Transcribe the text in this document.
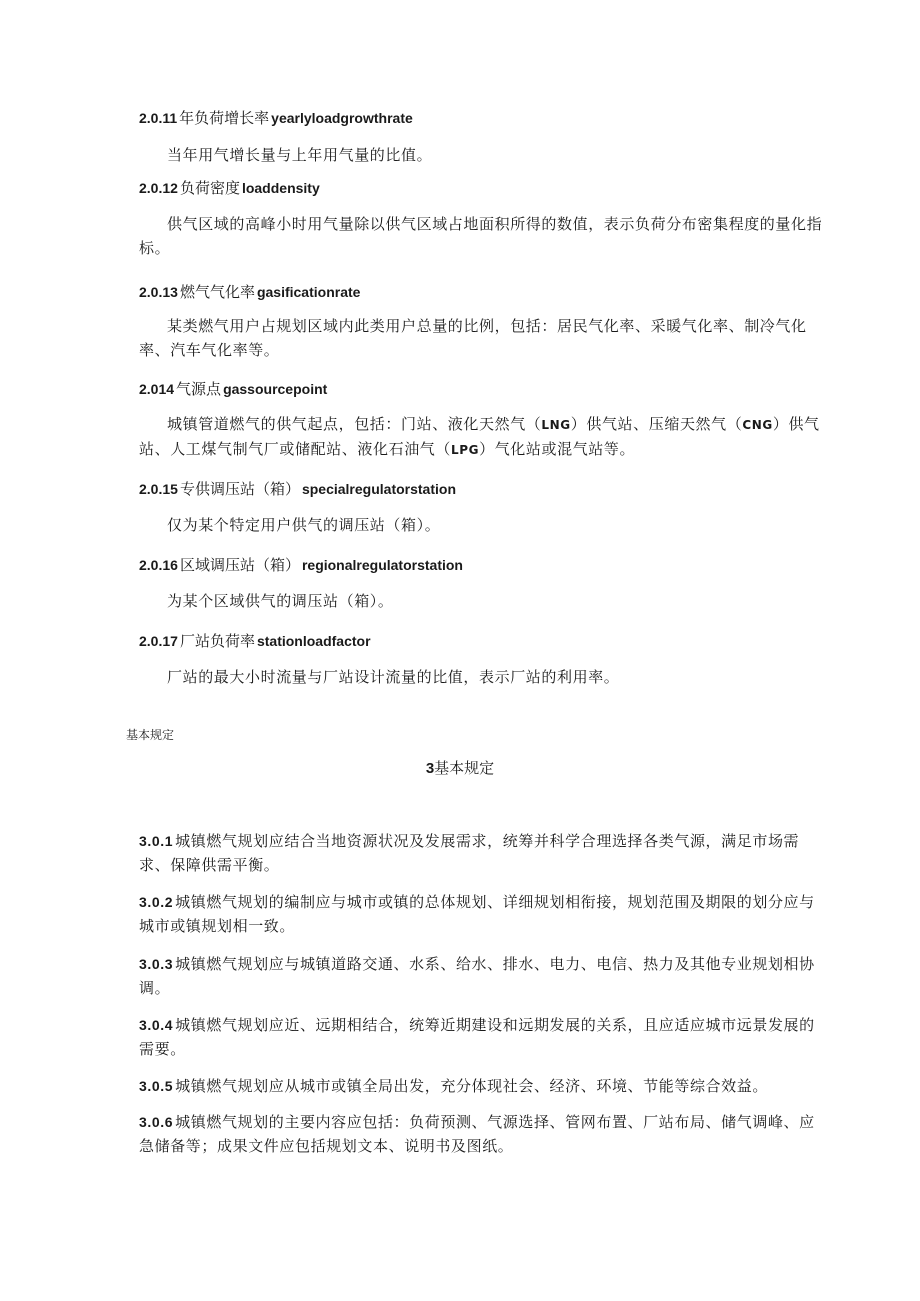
2.0.11 年负荷增长率 yearlyloadgrowthrate

当年用气增长量与上年用气量的比值。

2.0.12 负荷密度 loaddensity

供气区域的高峰小时用气量除以供气区域占地面积所得的数值，表示负荷分布密集程度的量化指标。

2.0.13 燃气气化率 gasificationrate

某类燃气用户占规划区域内此类用户总量的比例，包括：居民气化率、采暖气化率、制冷气化率、汽车气化率等。

2.014 气源点 gassourcepoint

城镇管道燃气的供气起点，包括：门站、液化天然气（LNG）供气站、压缩天然气（CNG）供气站、人工煤气制气厂或储配站、液化石油气（LPG）气化站或混气站等。

2.0.15 专供调压站（箱） specialregulatorstation

仅为某个特定用户供气的调压站（箱）。

2.0.16 区域调压站（箱） regionalregulatorstation

为某个区域供气的调压站（箱）。

2.0.17 厂站负荷率 stationloadfactor

厂站的最大小时流量与厂站设计流量的比值，表示厂站的利用率。

基本规定
3基本规定

3.0.1 城镇燃气规划应结合当地资源状况及发展需求，统筹并科学合理选择各类气源，满足市场需求、保障供需平衡。

3.0.2 城镇燃气规划的编制应与城市或镇的总体规划、详细规划相衔接，规划范围及期限的划分应与城市或镇规划相一致。

3.0.3 城镇燃气规划应与城镇道路交通、水系、给水、排水、电力、电信、热力及其他专业规划相协调。

3.0.4 城镇燃气规划应近、远期相结合，统筹近期建设和远期发展的关系，且应适应城市远景发展的需要。

3.0.5 城镇燃气规划应从城市或镇全局出发，充分体现社会、经济、环境、节能等综合效益。

3.0.6 城镇燃气规划的主要内容应包括：负荷预测、气源选择、管网布置、厂站布局、储气调峰、应急储备等；成果文件应包括规划文本、说明书及图纸。
